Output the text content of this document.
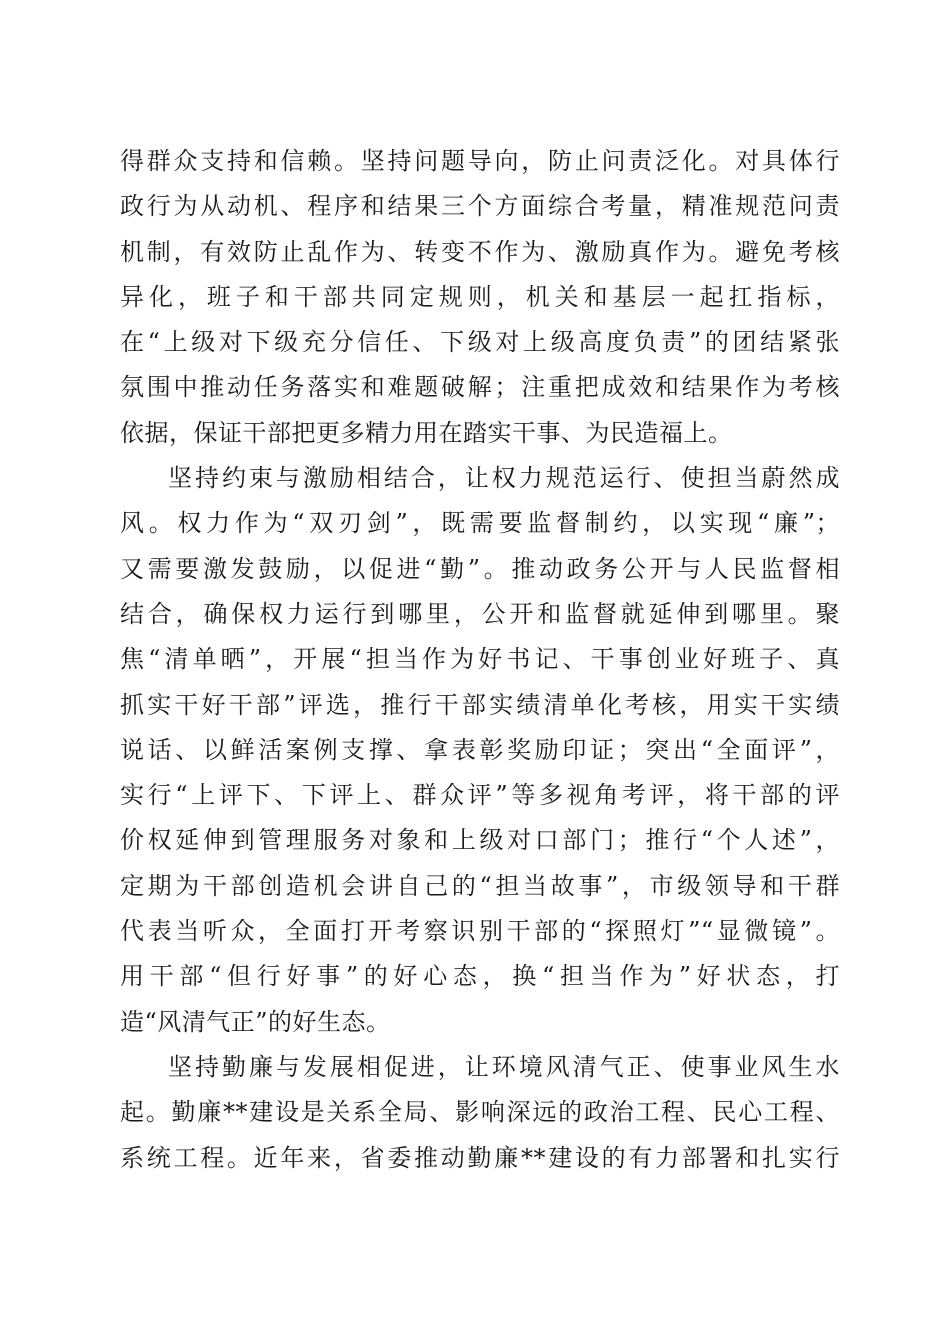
得群众支持和信赖。坚持问题导向，防止问责泛化。对具体行
政行为从动机、程序和结果三个方面综合考量，精准规范问责
机制，有效防止乱作为、转变不作为、激励真作为。避免考核
异化，班子和干部共同定规则，机关和基层一起扛指标，
在“上级对下级充分信任、下级对上级高度负责”的团结紧张
氛围中推动任务落实和难题破解；注重把成效和结果作为考核
依据，保证干部把更多精力用在踏实干事、为民造福上。
坚持约束与激励相结合，让权力规范运行、使担当蔚然成
风。权力作为“双刃剑”，既需要监督制约，以实现“廉”；
又需要激发鼓励，以促进“勤”。推动政务公开与人民监督相
结合，确保权力运行到哪里，公开和监督就延伸到哪里。聚
焦“清单晒”，开展“担当作为好书记、干事创业好班子、真
抓实干好干部”评选，推行干部实绩清单化考核，用实干实绩
说话、以鲜活案例支撑、拿表彰奖励印证；突出“全面评”，
实行“上评下、下评上、群众评”等多视角考评，将干部的评
价权延伸到管理服务对象和上级对口部门；推行“个人述”，
定期为干部创造机会讲自己的“担当故事”，市级领导和干群
代表当听众，全面打开考察识别干部的“探照灯”“显微镜”。
用干部“但行好事”的好心态，换“担当作为”好状态，打
造“风清气正”的好生态。
坚持勤廉与发展相促进，让环境风清气正、使事业风生水
起。勤廉**建设是关系全局、影响深远的政治工程、民心工程、
系统工程。近年来，省委推动勤廉**建设的有力部署和扎实行
